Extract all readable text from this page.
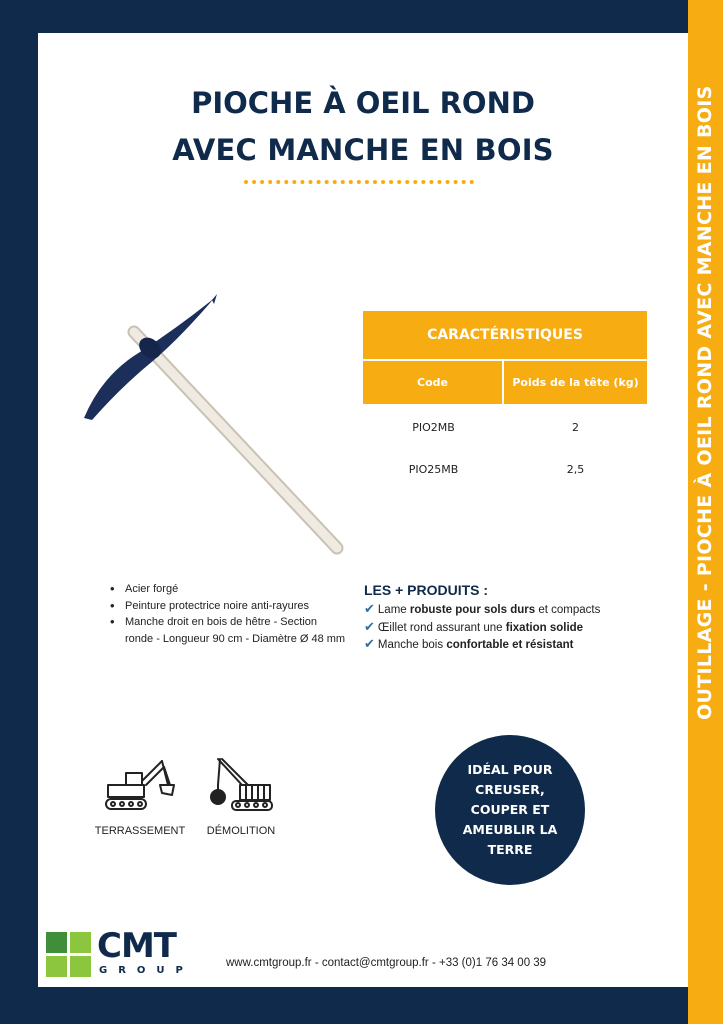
OUTILLAGE - PIOCHE À OEIL ROND AVEC MANCHE EN BOIS
PIOCHE À OEIL ROND
AVEC MANCHE EN BOIS
CARACTÉRISTIQUES
Code	Poids de la tête (kg)
PIO2MB	2
PIO25MB	2,5
• Acier forgé
• Peinture protectrice noire anti-rayures
• Manche droit en bois de hêtre - Section ronde - Longueur 90 cm - Diamètre Ø 48 mm
LES + PRODUITS :
✔ Lame robuste pour sols durs et compacts
✔ Œillet rond assurant une fixation solide
✔ Manche bois confortable et résistant
IDÉAL POUR
CREUSER,
COUPER ET
AMEUBLIR LA
TERRE
TERRASSEMENT	DÉMOLITION
CMT
GROUP
www.cmtgroup.fr - contact@cmtgroup.fr - +33 (0)1 76 34 00 39
